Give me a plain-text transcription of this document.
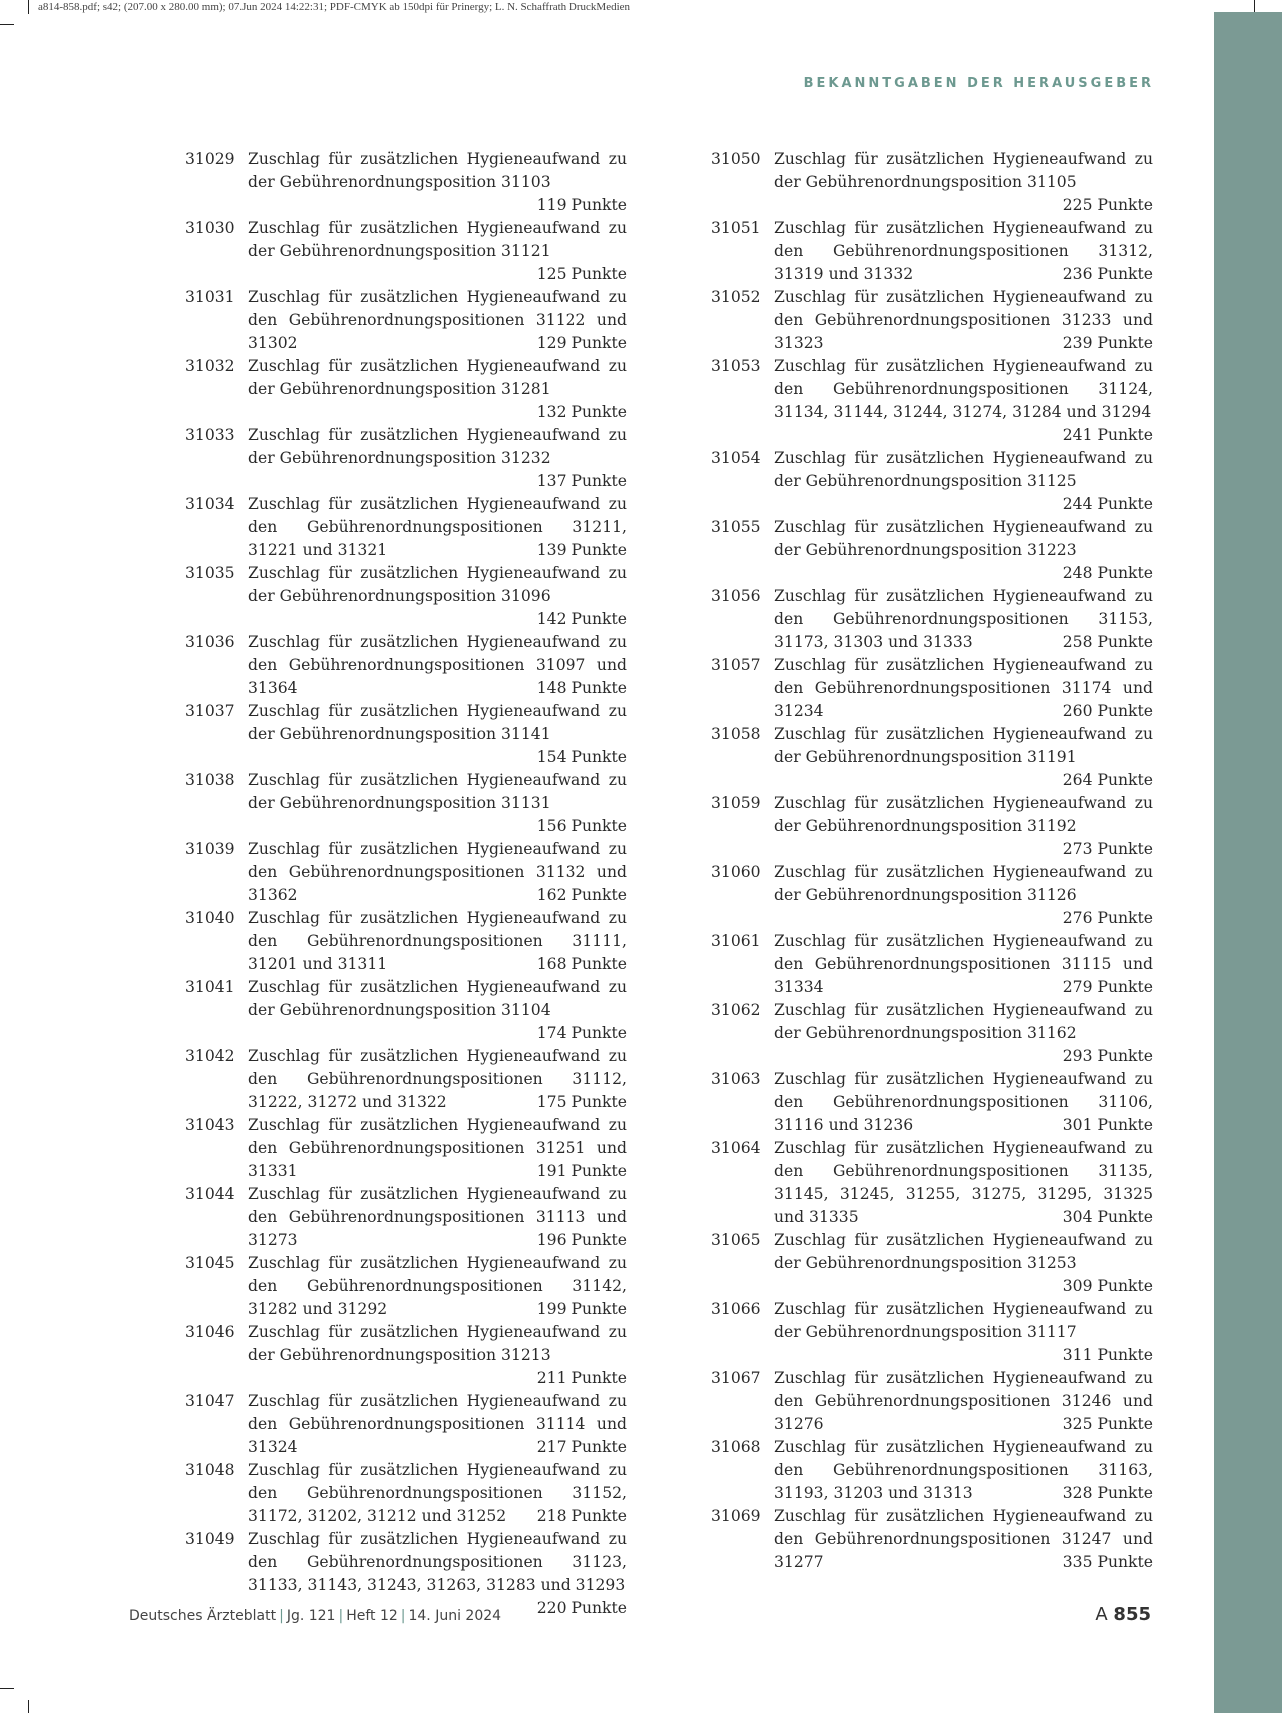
a814-858.pdf; s42; (207.00 x 280.00 mm); 07.Jun 2024 14:22:31; PDF-CMYK ab 150dpi für Prinergy; L. N. Schaffrath DruckMedien
BEKANNTGABEN DER HERAUSGEBER
31029 Zuschlag für zusätzlichen Hygieneaufwand zu der Gebührenordnungsposition 31103
119 Punkte
31030 Zuschlag für zusätzlichen Hygieneaufwand zu der Gebührenordnungsposition 31121
125 Punkte
31031 Zuschlag für zusätzlichen Hygieneaufwand zu den Gebührenordnungspositionen 31122 und 31302	129 Punkte
31032 Zuschlag für zusätzlichen Hygieneaufwand zu der Gebührenordnungsposition 31281
132 Punkte
31033 Zuschlag für zusätzlichen Hygieneaufwand zu der Gebührenordnungsposition 31232
137 Punkte
31034 Zuschlag für zusätzlichen Hygieneaufwand zu den Gebührenordnungspositionen 31211, 31221 und 31321	139 Punkte
31035 Zuschlag für zusätzlichen Hygieneaufwand zu der Gebührenordnungsposition 31096
142 Punkte
31036 Zuschlag für zusätzlichen Hygieneaufwand zu den Gebührenordnungspositionen 31097 und 31364	148 Punkte
31037 Zuschlag für zusätzlichen Hygieneaufwand zu der Gebührenordnungsposition 31141
154 Punkte
31038 Zuschlag für zusätzlichen Hygieneaufwand zu der Gebührenordnungsposition 31131
156 Punkte
31039 Zuschlag für zusätzlichen Hygieneaufwand zu den Gebührenordnungspositionen 31132 und 31362	162 Punkte
31040 Zuschlag für zusätzlichen Hygieneaufwand zu den Gebührenordnungspositionen 31111, 31201 und 31311	168 Punkte
31041 Zuschlag für zusätzlichen Hygieneaufwand zu der Gebührenordnungsposition 31104
174 Punkte
31042 Zuschlag für zusätzlichen Hygieneaufwand zu den Gebührenordnungspositionen 31112, 31222, 31272 und 31322	175 Punkte
31043 Zuschlag für zusätzlichen Hygieneaufwand zu den Gebührenordnungspositionen 31251 und 31331	191 Punkte
31044 Zuschlag für zusätzlichen Hygieneaufwand zu den Gebührenordnungspositionen 31113 und 31273	196 Punkte
31045 Zuschlag für zusätzlichen Hygieneaufwand zu den Gebührenordnungspositionen 31142, 31282 und 31292	199 Punkte
31046 Zuschlag für zusätzlichen Hygieneaufwand zu der Gebührenordnungsposition 31213
211 Punkte
31047 Zuschlag für zusätzlichen Hygieneaufwand zu den Gebührenordnungspositionen 31114 und 31324	217 Punkte
31048 Zuschlag für zusätzlichen Hygieneaufwand zu den Gebührenordnungspositionen 31152, 31172, 31202, 31212 und 31252	218 Punkte
31049 Zuschlag für zusätzlichen Hygieneaufwand zu den Gebührenordnungspositionen 31123, 31133, 31143, 31243, 31263, 31283 und 31293
220 Punkte
31050 Zuschlag für zusätzlichen Hygieneaufwand zu der Gebührenordnungsposition 31105
225 Punkte
31051 Zuschlag für zusätzlichen Hygieneaufwand zu den Gebührenordnungspositionen 31312, 31319 und 31332	236 Punkte
31052 Zuschlag für zusätzlichen Hygieneaufwand zu den Gebührenordnungspositionen 31233 und 31323	239 Punkte
31053 Zuschlag für zusätzlichen Hygieneaufwand zu den Gebührenordnungspositionen 31124, 31134, 31144, 31244, 31274, 31284 und 31294
241 Punkte
31054 Zuschlag für zusätzlichen Hygieneaufwand zu der Gebührenordnungsposition 31125
244 Punkte
31055 Zuschlag für zusätzlichen Hygieneaufwand zu der Gebührenordnungsposition 31223
248 Punkte
31056 Zuschlag für zusätzlichen Hygieneaufwand zu den Gebührenordnungspositionen 31153, 31173, 31303 und 31333	258 Punkte
31057 Zuschlag für zusätzlichen Hygieneaufwand zu den Gebührenordnungspositionen 31174 und 31234	260 Punkte
31058 Zuschlag für zusätzlichen Hygieneaufwand zu der Gebührenordnungsposition 31191
264 Punkte
31059 Zuschlag für zusätzlichen Hygieneaufwand zu der Gebührenordnungsposition 31192
273 Punkte
31060 Zuschlag für zusätzlichen Hygieneaufwand zu der Gebührenordnungsposition 31126
276 Punkte
31061 Zuschlag für zusätzlichen Hygieneaufwand zu den Gebührenordnungspositionen 31115 und 31334	279 Punkte
31062 Zuschlag für zusätzlichen Hygieneaufwand zu der Gebührenordnungsposition 31162
293 Punkte
31063 Zuschlag für zusätzlichen Hygieneaufwand zu den Gebührenordnungspositionen 31106, 31116 und 31236	301 Punkte
31064 Zuschlag für zusätzlichen Hygieneaufwand zu den Gebührenordnungspositionen 31135, 31145, 31245, 31255, 31275, 31295, 31325 und 31335	304 Punkte
31065 Zuschlag für zusätzlichen Hygieneaufwand zu der Gebührenordnungsposition 31253
309 Punkte
31066 Zuschlag für zusätzlichen Hygieneaufwand zu der Gebührenordnungsposition 31117
311 Punkte
31067 Zuschlag für zusätzlichen Hygieneaufwand zu den Gebührenordnungspositionen 31246 und 31276	325 Punkte
31068 Zuschlag für zusätzlichen Hygieneaufwand zu den Gebührenordnungspositionen 31163, 31193, 31203 und 31313	328 Punkte
31069 Zuschlag für zusätzlichen Hygieneaufwand zu den Gebührenordnungspositionen 31247 und 31277	335 Punkte
Deutsches Ärzteblatt | Jg. 121 | Heft 12 | 14. Juni 2024	A 855
